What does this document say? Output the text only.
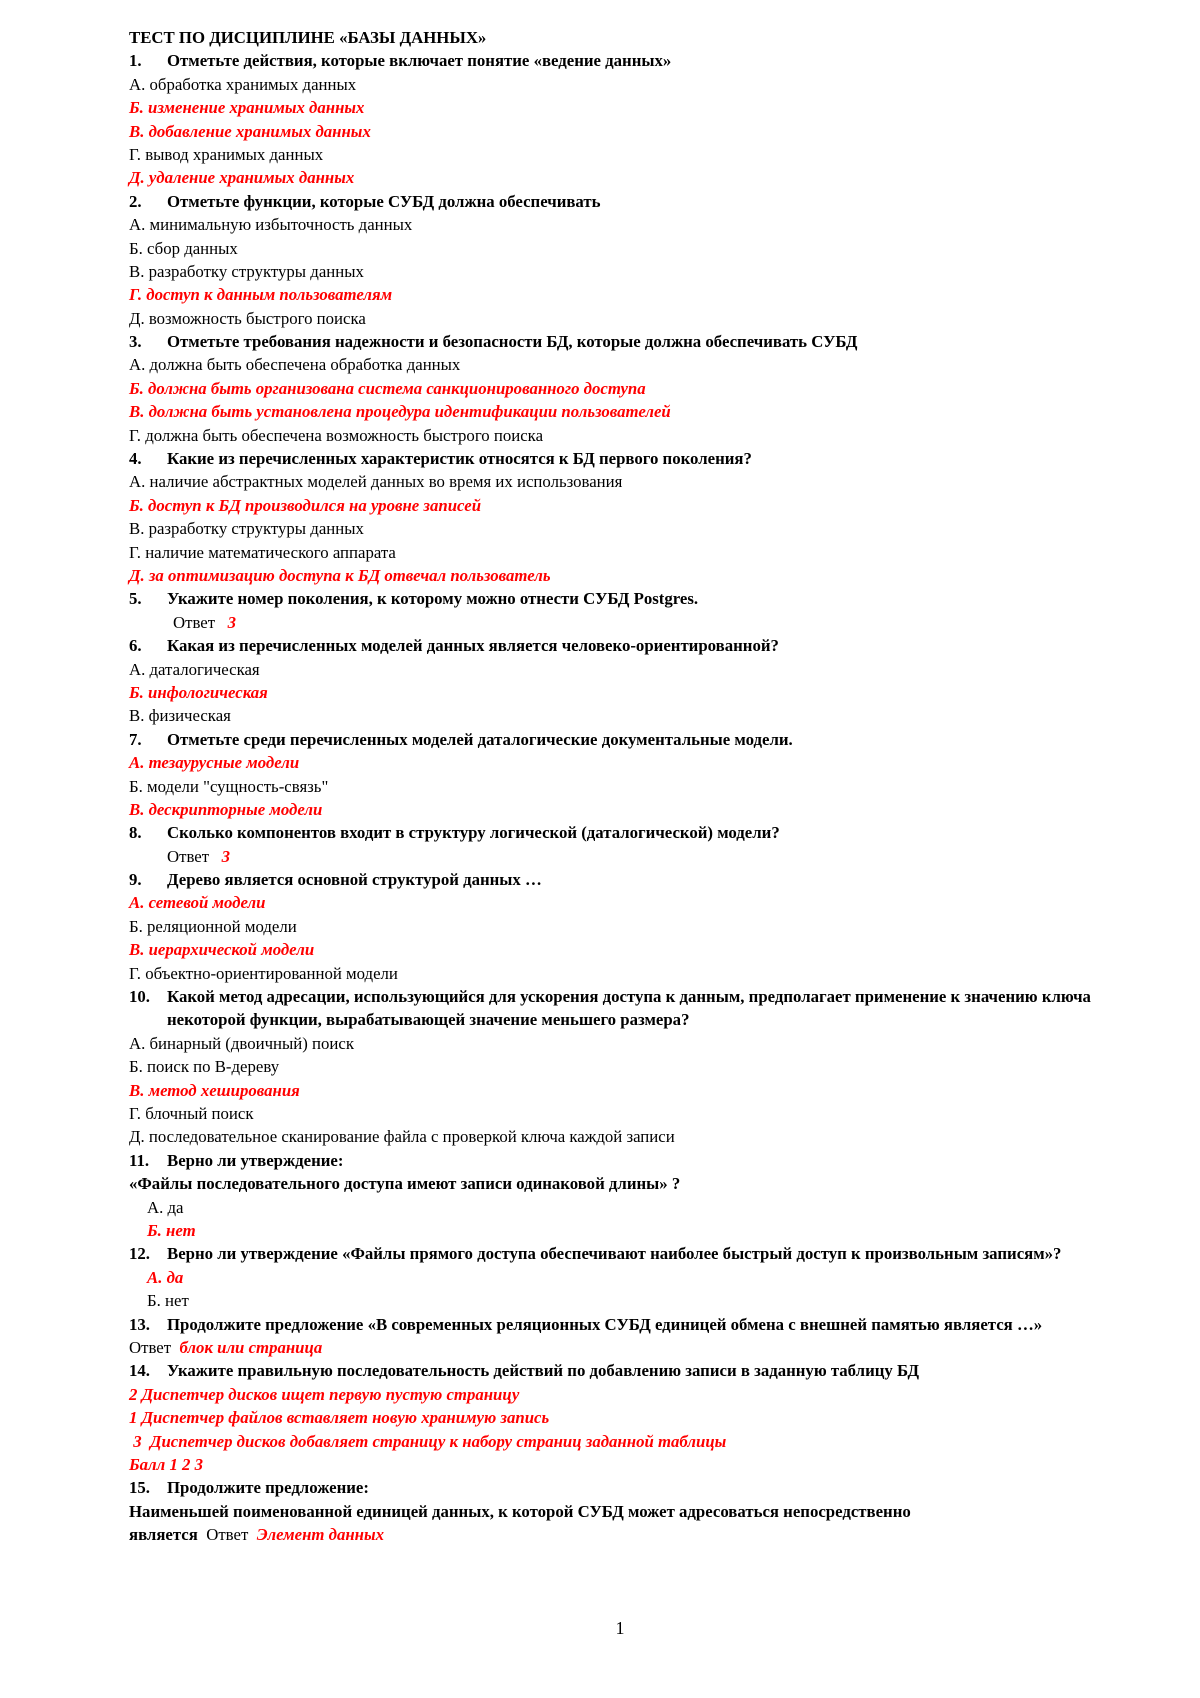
ТЕСТ ПО ДИСЦИПЛИНЕ «БАЗЫ ДАННЫХ»
1. Отметьте действия, которые включает понятие «ведение данных»
А. обработка хранимых данных
Б. изменение хранимых данных
В. добавление хранимых данных
Г. вывод хранимых данных
Д. удаление хранимых данных
2. Отметьте функции, которые СУБД должна обеспечивать
А. минимальную избыточность данных
Б. сбор данных
В. разработку структуры данных
Г. доступ к данным пользователям
Д. возможность быстрого поиска
3. Отметьте требования надежности и безопасности БД, которые должна обеспечивать СУБД
А. должна быть обеспечена обработка данных
Б. должна быть организована система санкционированного доступа
В. должна быть установлена процедура идентификации пользователей
Г. должна быть обеспечена возможность быстрого поиска
4. Какие из перечисленных характеристик относятся к БД первого поколения?
А. наличие абстрактных моделей данных во время их использования
Б. доступ к БД производился на уровне записей
В. разработку структуры данных
Г. наличие математического аппарата
Д. за оптимизацию доступа к БД отвечал пользователь
5. Укажите номер поколения, к которому можно отнести СУБД Postgres.
Ответ 3
6. Какая из перечисленных моделей данных является человеко-ориентированной?
А. даталогическая
Б. инфологическая
В. физическая
7. Отметьте среди перечисленных моделей даталогические документальные модели.
А. тезаурусные модели
Б. модели "сущность-связь"
В. дескрипторные модели
8. Сколько компонентов входит в структуру логической (даталогической) модели?
Ответ 3
9. Дерево является основной структурой данных …
А. сетевой модели
Б. реляционной модели
В. иерархической модели
Г. объектно-ориентированной модели
10.	Какой метод адресации, использующийся для ускорения доступа к данным, предполагает применение к значению ключа некоторой функции, вырабатывающей значение меньшего размера?
А. бинарный (двоичный) поиск
Б. поиск по В-дереву
В. метод хеширования
Г. блочный поиск
Д. последовательное сканирование файла с проверкой ключа каждой записи
11. Верно ли утверждение:
«Файлы последовательного доступа имеют записи одинаковой длины» ?
А. да
Б. нет
12.	Верно ли утверждение «Файлы прямого доступа обеспечивают наиболее быстрый доступ к произвольным записям»?
А. да
Б. нет
13.	Продолжите предложение «В современных реляционных СУБД единицей обмена с внешней памятью является …»
Ответ блок или страница
14. Укажите правильную последовательность действий по добавлению записи в заданную таблицу БД
2 Диспетчер дисков ищет первую пустую страницу
1 Диспетчер файлов вставляет новую хранимую запись
3  Диспетчер дисков добавляет страницу к набору страниц заданной таблицы
Балл 1 2 3
15. Продолжите предложение:
Наименьшей поименованной единицей данных, к которой СУБД может адресоваться непосредственно
является Ответ Элемент данных
1
